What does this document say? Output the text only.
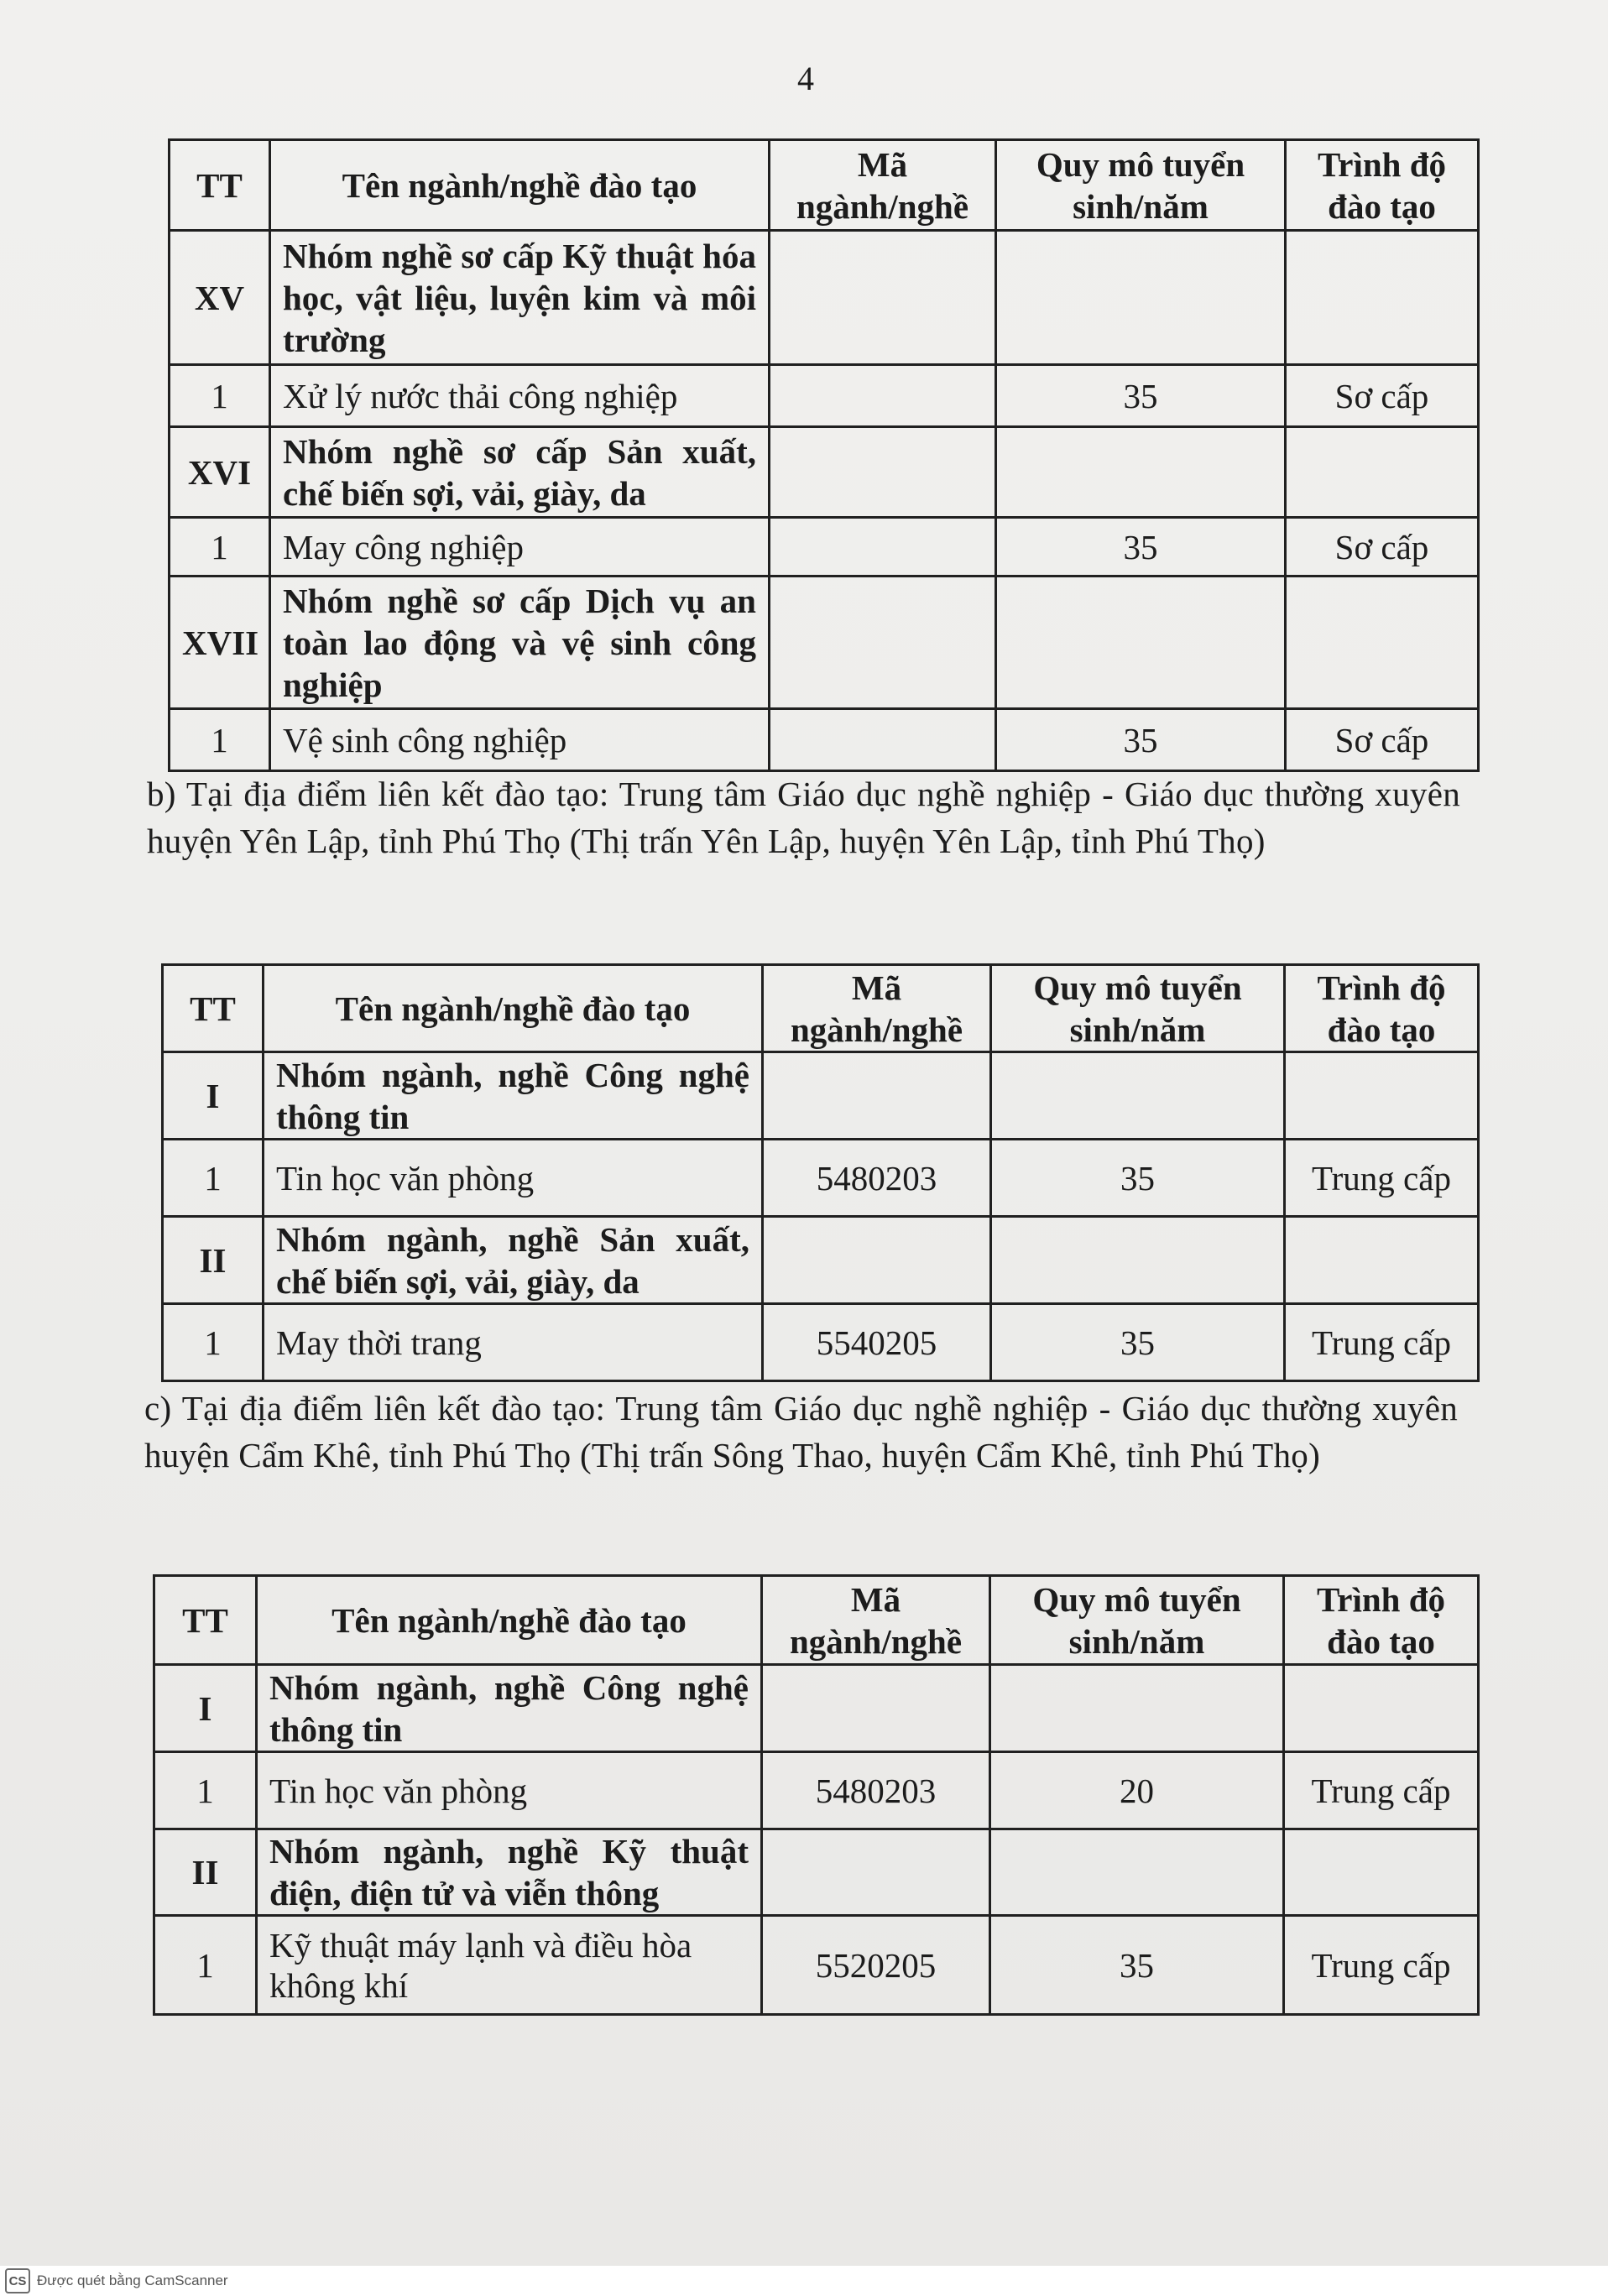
4
TT	Tên ngành/nghề đào tạo	Mã ngành/nghề	Quy mô tuyển sinh/năm	Trình độ đào tạo
XV	Nhóm nghề sơ cấp Kỹ thuật hóa học, vật liệu, luyện kim và môi trường			
1	Xử lý nước thải công nghiệp		35	Sơ cấp
XVI	Nhóm nghề sơ cấp Sản xuất, chế biến sợi, vải, giày, da			
1	May công nghiệp		35	Sơ cấp
XVII	Nhóm nghề sơ cấp Dịch vụ an toàn lao động và vệ sinh công nghiệp			
1	Vệ sinh công nghiệp		35	Sơ cấp

b) Tại địa điểm liên kết đào tạo: Trung tâm Giáo dục nghề nghiệp - Giáo dục thường xuyên huyện Yên Lập, tỉnh Phú Thọ (Thị trấn Yên Lập, huyện Yên Lập, tỉnh Phú Thọ)

TT	Tên ngành/nghề đào tạo	Mã ngành/nghề	Quy mô tuyển sinh/năm	Trình độ đào tạo
I	Nhóm ngành, nghề Công nghệ thông tin			
1	Tin học văn phòng	5480203	35	Trung cấp
II	Nhóm ngành, nghề Sản xuất, chế biến sợi, vải, giày, da			
1	May thời trang	5540205	35	Trung cấp

c) Tại địa điểm liên kết đào tạo: Trung tâm Giáo dục nghề nghiệp - Giáo dục thường xuyên huyện Cẩm Khê, tỉnh Phú Thọ (Thị trấn Sông Thao, huyện Cẩm Khê, tỉnh Phú Thọ)

TT	Tên ngành/nghề đào tạo	Mã ngành/nghề	Quy mô tuyển sinh/năm	Trình độ đào tạo
I	Nhóm ngành, nghề Công nghệ thông tin			
1	Tin học văn phòng	5480203	20	Trung cấp
II	Nhóm ngành, nghề Kỹ thuật điện, điện tử và viễn thông			
1	Kỹ thuật máy lạnh và điều hòa không khí	5520205	35	Trung cấp
CS Được quét bằng CamScanner
